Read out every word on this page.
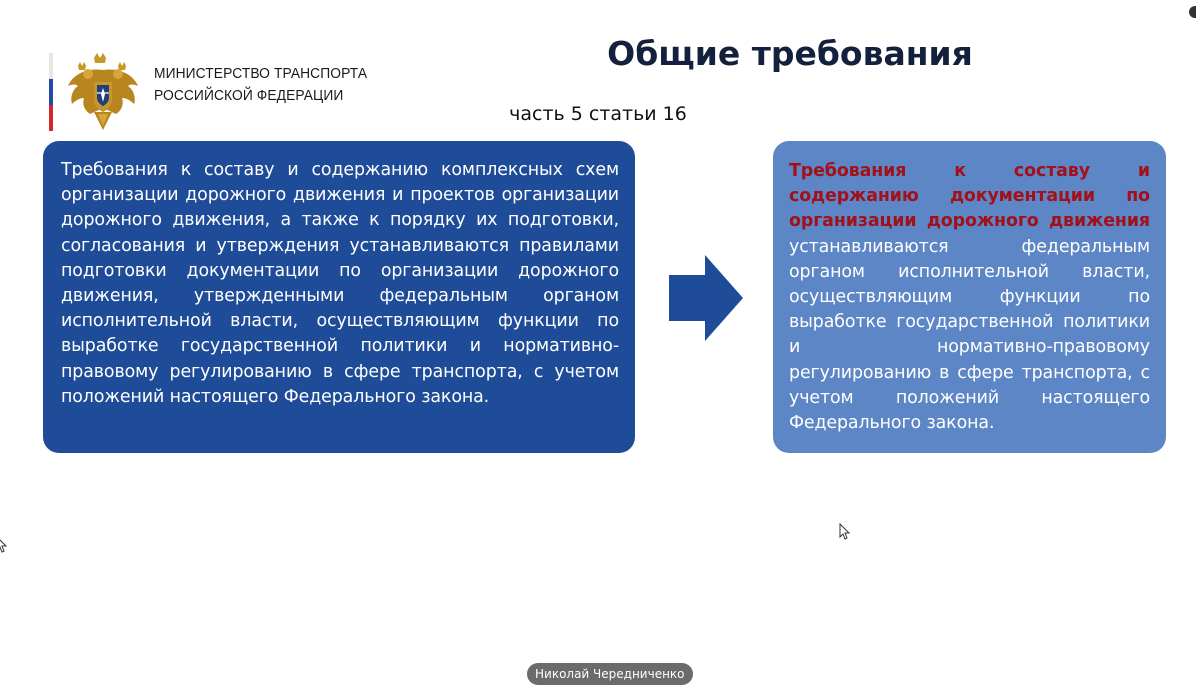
МИНИСТЕРСТВО ТРАНСПОРТА
РОССИЙСКОЙ ФЕДЕРАЦИИ
Общие требования
часть 5 статьи 16
Требования к составу и содержанию комплексных схем организации дорожного движения и проектов организации дорожного движения, а также к порядку их подготовки, согласования и утверждения устанавливаются правилами подготовки документации по организации дорожного движения, утвержденными федеральным органом исполнительной власти, осуществляющим функции по выработке государственной политики и нормативно-правовому регулированию в сфере транспорта, с учетом положений настоящего Федерального закона.
Требования к составу и содержанию документации по организации дорожного движения устанавливаются федеральным органом исполнительной власти, осуществляющим функции по выработке государственной политики и нормативно-правовому регулированию в сфере транспорта, с учетом положений настоящего Федерального закона.
Николай Чередниченко
